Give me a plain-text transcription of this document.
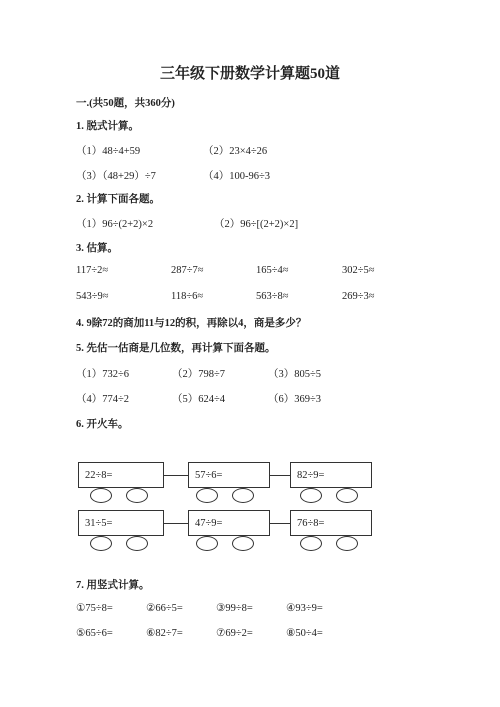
三年级下册数学计算题50道
一.(共50题，共360分)
1. 脱式计算。
（1）48÷4+59	（2）23×4÷26
（3）（48+29）÷7	（4）100-96÷3
2. 计算下面各题。
（1）96÷(2+2)×2	（2）96÷[(2+2)×2]
3. 估算。
117÷2≈	287÷7≈	165÷4≈	302÷5≈
543÷9≈	118÷6≈	563÷8≈	269÷3≈
4. 9除72的商加11与12的积，再除以4，商是多少？
5. 先估一估商是几位数，再计算下面各题。
（1）732÷6	（2）798÷7	（3）805÷5
（4）774÷2	（5）624÷4	（6）369÷3
6. 开火车。
22÷8=	57÷6=	82÷9=
31÷5=	47÷9=	76÷8=
7. 用竖式计算。
①75÷8=	②66÷5=	③99÷8=	④93÷9=
⑤65÷6=	⑥82÷7=	⑦69÷2=	⑧50÷4=
